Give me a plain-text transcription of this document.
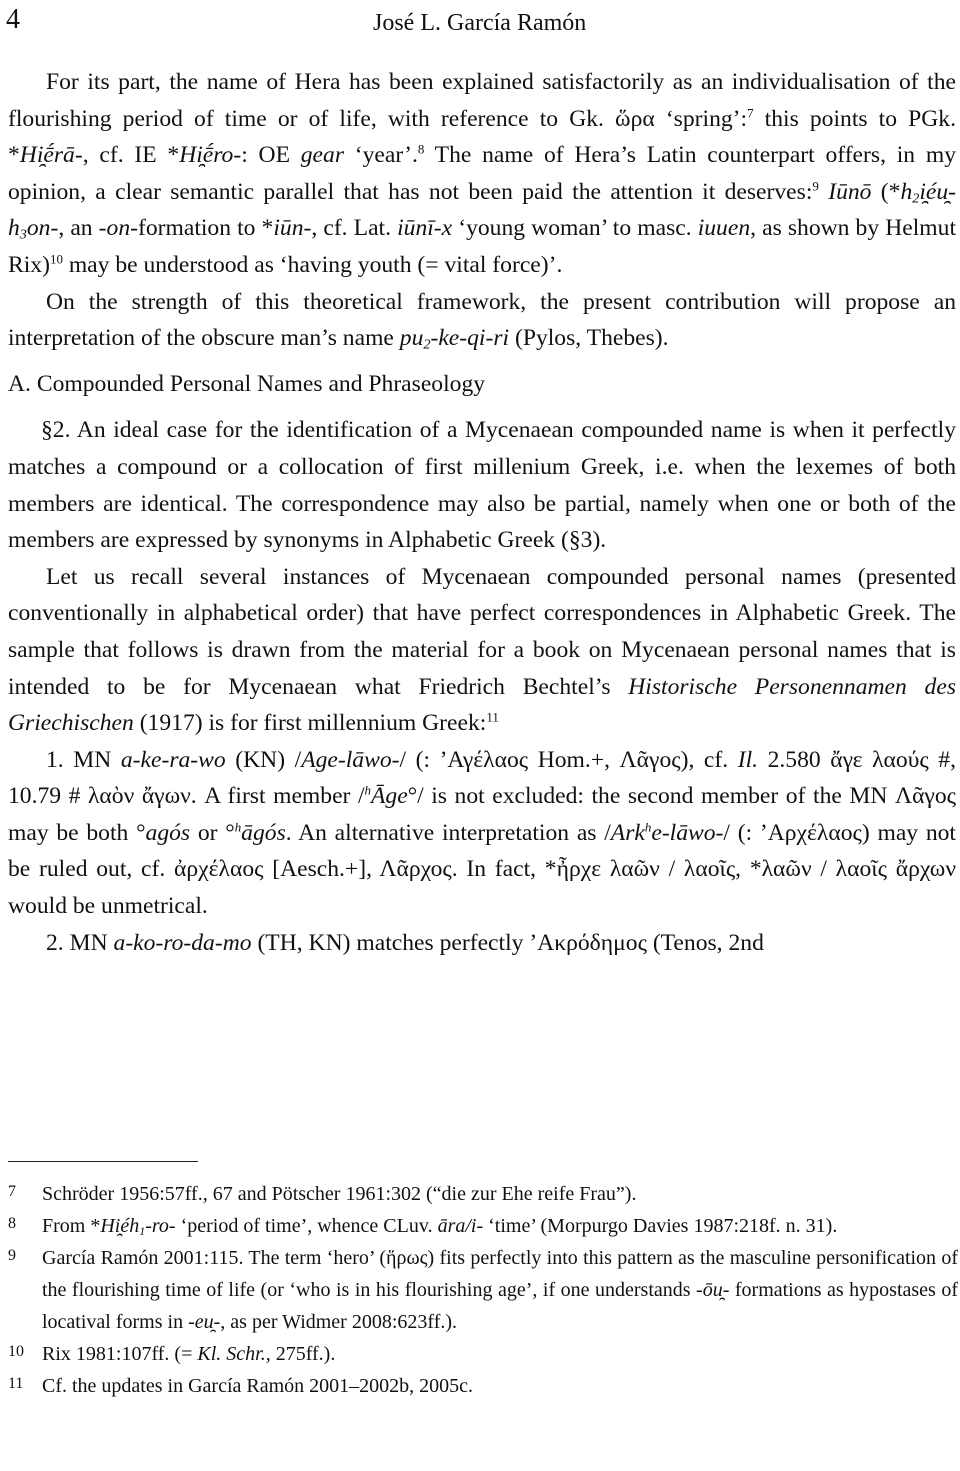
4	José L. García Ramón

For its part, the name of Hera has been explained satisfactorily as an individualisation of the flourishing period of time or of life, with reference to Gk. ὥρα ‘spring’:$^7$ this points to PGk. *Hi̯ḗrā-, cf. IE *Hi̯ḗro-: OE gear ‘year’.$^8$ The name of Hera’s Latin counterpart offers, in my opinion, a clear semantic parallel that has not been paid the attention it deserves:$^9$ Iūnō ($*h_2i̯éu̯-h_3on-$, an -on-formation to *iūn-, cf. Lat. iūnī-x ‘young woman’ to masc. iuuen, as shown by Helmut Rix)$^{10}$ may be understood as ‘having youth (= vital force)’.

On the strength of this theoretical framework, the present contribution will propose an interpretation of the obscure man’s name $pu_2-ke-qi-ri$ (Pylos, Thebes).

A. Compounded Personal Names and Phraseology

§2. An ideal case for the identification of a Mycenaean compounded name is when it perfectly matches a compound or a collocation of first millenium Greek, i.e. when the lexemes of both members are identical. The correspondence may also be partial, namely when one or both of the members are expressed by synonyms in Alphabetic Greek (§3).

Let us recall several instances of Mycenaean compounded personal names (presented conventionally in alphabetical order) that have perfect correspondences in Alphabetic Greek. The sample that follows is drawn from the material for a book on Mycenaean personal names that is intended to be for Mycenaean what Friedrich Bechtel’s Historische Personennamen des Griechischen (1917) is for first millennium Greek:$^{11}$

1. MN a-ke-ra-wo (KN) /Age-lāwo-/ (: ’Αγέλαος Hom.+, Λᾶγος), cf. Il. 2.580 ἄγε λαούς #, 10.79 # λαὸν ἄγων. A first member /$^h$Āge°/ is not excluded: the second member of the MN Λᾶγος may be both °agós or °$^h$āgós. An alternative interpretation as /Ark$^h$e-lāwo-/ (: ’Αρχέλαος) may not be ruled out, cf. ἀρχέλαος [Aesch.+], Λᾶρχος. In fact, *ἦρχε λαῶν / λαοῖς, *λαῶν / λαοῖς ἄρχων would be unmetrical.

2. MN a-ko-ro-da-mo (TH, KN) matches perfectly ’Ακρόδημος (Tenos, 2nd

7 Schröder 1956:57ff., 67 and Pötscher 1961:302 (“die zur Ehe reife Frau”).
8 From $*Hi̯éh_1-ro-$ ‘period of time’, whence CLuv. āra/i- ‘time’ (Morpurgo Davies 1987:218f. n. 31).
9 García Ramón 2001:115. The term ‘hero’ (ἥρως) fits perfectly into this pattern as the masculine personification of the flourishing time of life (or ‘who is in his flourishing age’, if one understands -ōu̯- formations as hypostases of locatival forms in -eu̯-, as per Widmer 2008:623ff.).
10 Rix 1981:107ff. (= Kl. Schr., 275ff.).
11 Cf. the updates in García Ramón 2001–2002b, 2005c.
